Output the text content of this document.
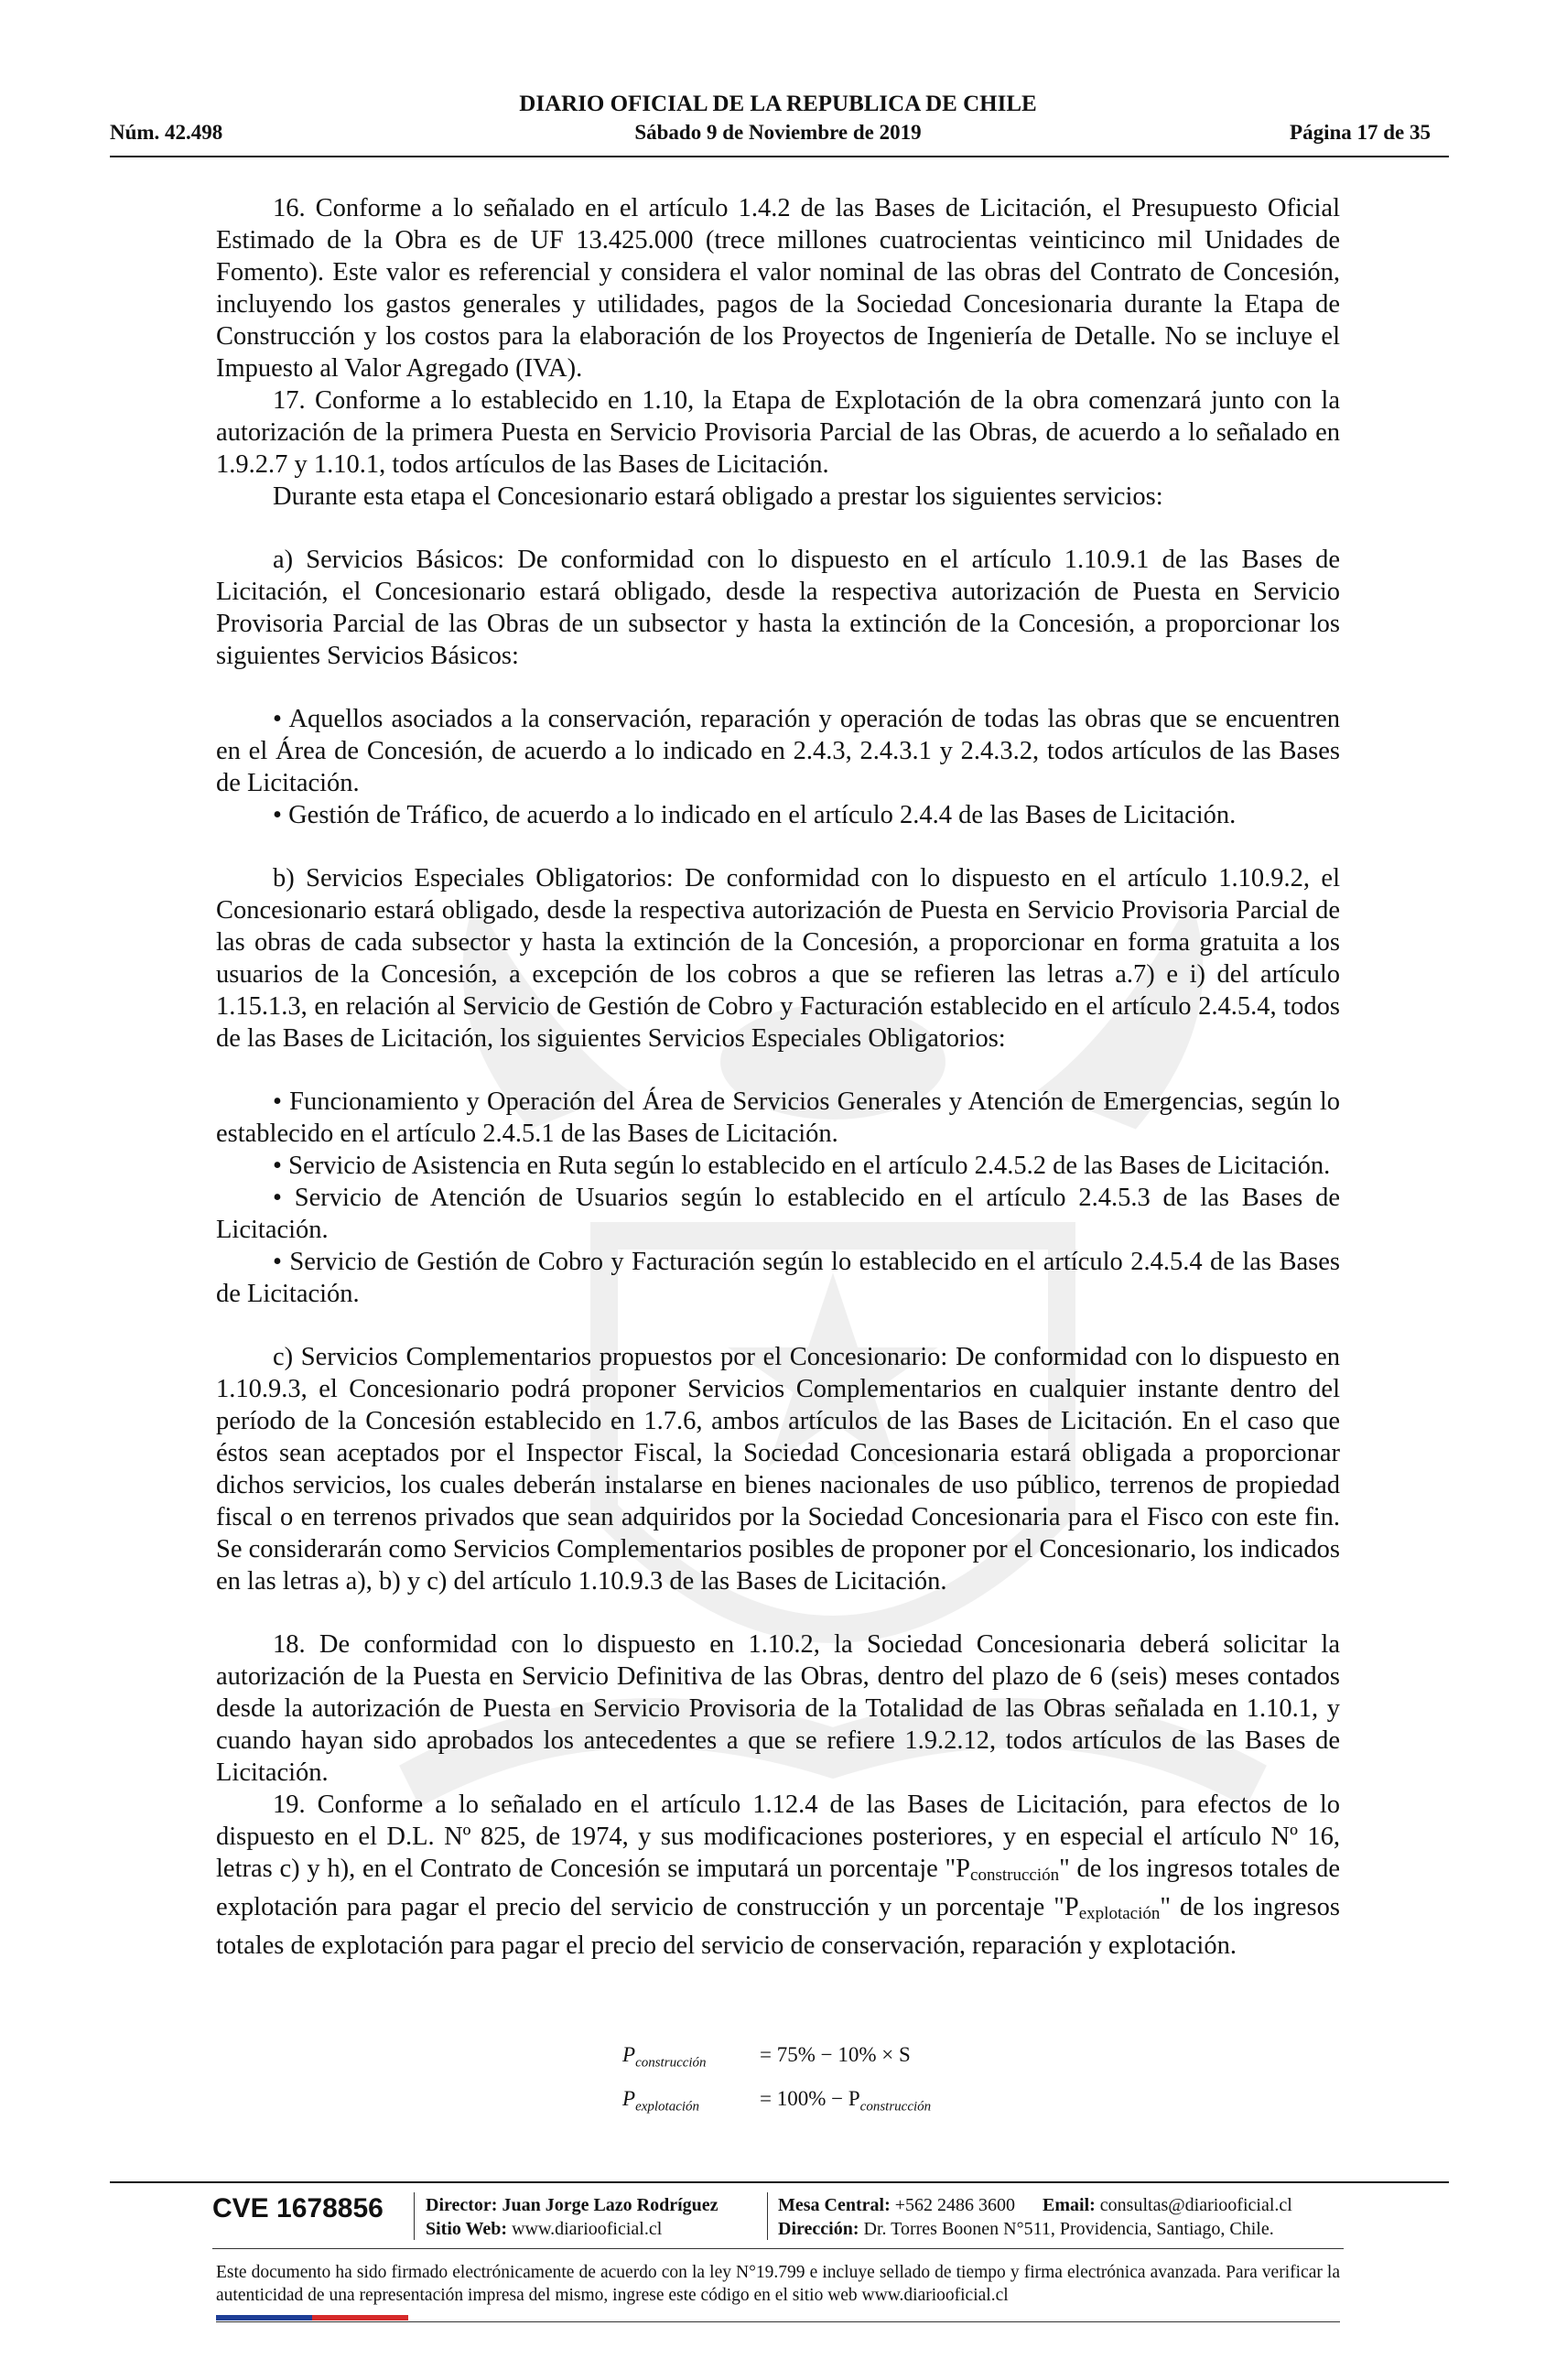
DIARIO OFICIAL DE LA REPUBLICA DE CHILE
Núm. 42.498	Sábado 9 de Noviembre de 2019	Página 17 de 35

16. Conforme a lo señalado en el artículo 1.4.2 de las Bases de Licitación, el Presupuesto Oficial Estimado de la Obra es de UF 13.425.000 (trece millones cuatrocientas veinticinco mil Unidades de Fomento). Este valor es referencial y considera el valor nominal de las obras del Contrato de Concesión, incluyendo los gastos generales y utilidades, pagos de la Sociedad Concesionaria durante la Etapa de Construcción y los costos para la elaboración de los Proyectos de Ingeniería de Detalle. No se incluye el Impuesto al Valor Agregado (IVA).

17. Conforme a lo establecido en 1.10, la Etapa de Explotación de la obra comenzará junto con la autorización de la primera Puesta en Servicio Provisoria Parcial de las Obras, de acuerdo a lo señalado en 1.9.2.7 y 1.10.1, todos artículos de las Bases de Licitación.

Durante esta etapa el Concesionario estará obligado a prestar los siguientes servicios:

a) Servicios Básicos: De conformidad con lo dispuesto en el artículo 1.10.9.1 de las Bases de Licitación, el Concesionario estará obligado, desde la respectiva autorización de Puesta en Servicio Provisoria Parcial de las Obras de un subsector y hasta la extinción de la Concesión, a proporcionar los siguientes Servicios Básicos:

• Aquellos asociados a la conservación, reparación y operación de todas las obras que se encuentren en el Área de Concesión, de acuerdo a lo indicado en 2.4.3, 2.4.3.1 y 2.4.3.2, todos artículos de las Bases de Licitación.

• Gestión de Tráfico, de acuerdo a lo indicado en el artículo 2.4.4 de las Bases de Licitación.

b) Servicios Especiales Obligatorios: De conformidad con lo dispuesto en el artículo 1.10.9.2, el Concesionario estará obligado, desde la respectiva autorización de Puesta en Servicio Provisoria Parcial de las obras de cada subsector y hasta la extinción de la Concesión, a proporcionar en forma gratuita a los usuarios de la Concesión, a excepción de los cobros a que se refieren las letras a.7) e i) del artículo 1.15.1.3, en relación al Servicio de Gestión de Cobro y Facturación establecido en el artículo 2.4.5.4, todos de las Bases de Licitación, los siguientes Servicios Especiales Obligatorios:

• Funcionamiento y Operación del Área de Servicios Generales y Atención de Emergencias, según lo establecido en el artículo 2.4.5.1 de las Bases de Licitación.

• Servicio de Asistencia en Ruta según lo establecido en el artículo 2.4.5.2 de las Bases de Licitación.

• Servicio de Atención de Usuarios según lo establecido en el artículo 2.4.5.3 de las Bases de Licitación.

• Servicio de Gestión de Cobro y Facturación según lo establecido en el artículo 2.4.5.4 de las Bases de Licitación.

c) Servicios Complementarios propuestos por el Concesionario: De conformidad con lo dispuesto en 1.10.9.3, el Concesionario podrá proponer Servicios Complementarios en cualquier instante dentro del período de la Concesión establecido en 1.7.6, ambos artículos de las Bases de Licitación. En el caso que éstos sean aceptados por el Inspector Fiscal, la Sociedad Concesionaria estará obligada a proporcionar dichos servicios, los cuales deberán instalarse en bienes nacionales de uso público, terrenos de propiedad fiscal o en terrenos privados que sean adquiridos por la Sociedad Concesionaria para el Fisco con este fin. Se considerarán como Servicios Complementarios posibles de proponer por el Concesionario, los indicados en las letras a), b) y c) del artículo 1.10.9.3 de las Bases de Licitación.

18. De conformidad con lo dispuesto en 1.10.2, la Sociedad Concesionaria deberá solicitar la autorización de la Puesta en Servicio Definitiva de las Obras, dentro del plazo de 6 (seis) meses contados desde la autorización de Puesta en Servicio Provisoria de la Totalidad de las Obras señalada en 1.10.1, y cuando hayan sido aprobados los antecedentes a que se refiere 1.9.2.12, todos artículos de las Bases de Licitación.

19. Conforme a lo señalado en el artículo 1.12.4 de las Bases de Licitación, para efectos de lo dispuesto en el D.L. Nº 825, de 1974, y sus modificaciones posteriores, y en especial el artículo Nº 16, letras c) y h), en el Contrato de Concesión se imputará un porcentaje "$P_{construcción}$" de los ingresos totales de explotación para pagar el precio del servicio de construcción y un porcentaje "$P_{explotación}$" de los ingresos totales de explotación para pagar el precio del servicio de conservación, reparación y explotación.

$P_{construcción}$	= 75% − 10% × S
$P_{explotación}$	= $100\% - P_{construcción}$
CVE 1678856 Director: Juan Jorge Lazo Rodríguez
Sitio Web: www.diariooficial.cl
Mesa Central: +562 2486 3600 Email: consultas@diariooficial.cl
Dirección: Dr. Torres Boonen N°511, Providencia, Santiago, Chile.
Este documento ha sido firmado electrónicamente de acuerdo con la ley N°19.799 e incluye sellado de tiempo y firma electrónica avanzada. Para verificar la autenticidad de una representación impresa del mismo, ingrese este código en el sitio web www.diariooficial.cl
